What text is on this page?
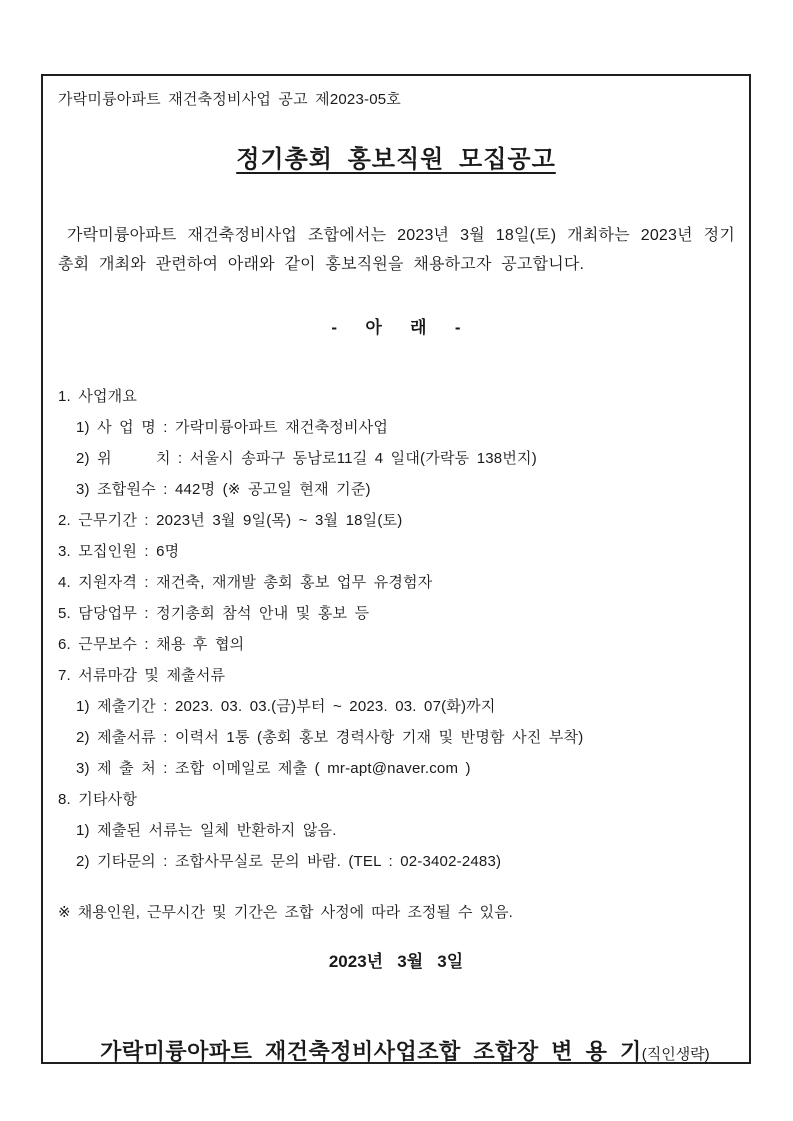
가락미륭아파트 재건축정비사업 공고 제2023-05호
정기총회 홍보직원 모집공고
가락미륭아파트 재건축정비사업 조합에서는 2023년 3월 18일(토) 개최하는 2023년 정기총회 개최와 관련하여 아래와 같이 홍보직원을 채용하고자 공고합니다.
-      아      래      -
1. 사업개요
1) 사 업 명 : 가락미륭아파트 재건축정비사업
2) 위      치 : 서울시 송파구 동남로11길 4 일대(가락동 138번지)
3) 조합원수 : 442명 (※ 공고일 현재 기준)
2. 근무기간 : 2023년 3월 9일(목) ~ 3월 18일(토)
3. 모집인원 : 6명
4. 지원자격 : 재건축, 재개발 총회 홍보 업무 유경험자
5. 담당업무 : 정기총회 참석 안내 및 홍보 등
6. 근무보수 : 채용 후 협의
7. 서류마감 및 제출서류
1) 제출기간 : 2023. 03. 03.(금)부터 ~ 2023. 03. 07(화)까지
2) 제출서류 : 이력서 1통 (총회 홍보 경력사항 기재 및 반명함 사진 부착)
3) 제 출 처 : 조합 이메일로 제출 ( mr-apt@naver.com )
8. 기타사항
1) 제출된 서류는 일체 반환하지 않음.
2) 기타문의 : 조합사무실로 문의 바람. (TEL : 02-3402-2483)
※ 채용인원, 근무시간 및 기간은 조합 사정에 따라 조정될 수 있음.
2023년   3월   3일

가락미륭아파트 재건축정비사업조합 조합장 변 용 기(직인생략)
